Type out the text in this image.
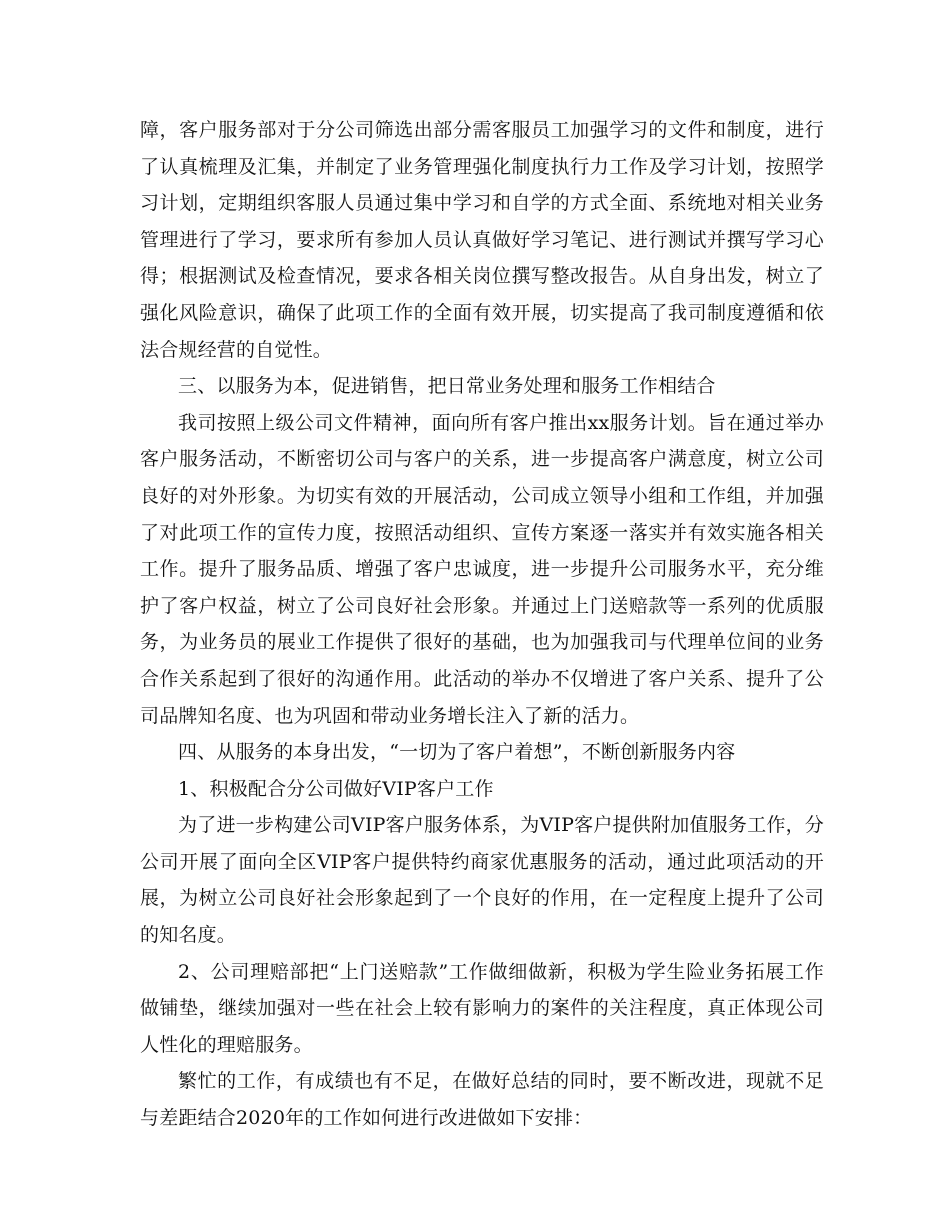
障，客户服务部对于分公司筛选出部分需客服员工加强学习的文件和制度，进行了认真梳理及汇集，并制定了业务管理强化制度执行力工作及学习计划，按照学习计划，定期组织客服人员通过集中学习和自学的方式全面、系统地对相关业务管理进行了学习，要求所有参加人员认真做好学习笔记、进行测试并撰写学习心得；根据测试及检查情况，要求各相关岗位撰写整改报告。从自身出发，树立了强化风险意识，确保了此项工作的全面有效开展，切实提高了我司制度遵循和依法合规经营的自觉性。

三、以服务为本，促进销售，把日常业务处理和服务工作相结合

我司按照上级公司文件精神，面向所有客户推出xx服务计划。旨在通过举办客户服务活动，不断密切公司与客户的关系，进一步提高客户满意度，树立公司良好的对外形象。为切实有效的开展活动，公司成立领导小组和工作组，并加强了对此项工作的宣传力度，按照活动组织、宣传方案逐一落实并有效实施各相关工作。提升了服务品质、增强了客户忠诚度，进一步提升公司服务水平，充分维护了客户权益，树立了公司良好社会形象。并通过上门送赔款等一系列的优质服务，为业务员的展业工作提供了很好的基础，也为加强我司与代理单位间的业务合作关系起到了很好的沟通作用。此活动的举办不仅增进了客户关系、提升了公司品牌知名度、也为巩固和带动业务增长注入了新的活力。

四、从服务的本身出发，“一切为了客户着想”，不断创新服务内容

1、积极配合分公司做好VIP客户工作

为了进一步构建公司VIP客户服务体系，为VIP客户提供附加值服务工作，分公司开展了面向全区VIP客户提供特约商家优惠服务的活动，通过此项活动的开展，为树立公司良好社会形象起到了一个良好的作用，在一定程度上提升了公司的知名度。

2、公司理赔部把“上门送赔款”工作做细做新，积极为学生险业务拓展工作做铺垫，继续加强对一些在社会上较有影响力的案件的关注程度，真正体现公司人性化的理赔服务。

繁忙的工作，有成绩也有不足，在做好总结的同时，要不断改进，现就不足与差距结合2020年的工作如何进行改进做如下安排：
